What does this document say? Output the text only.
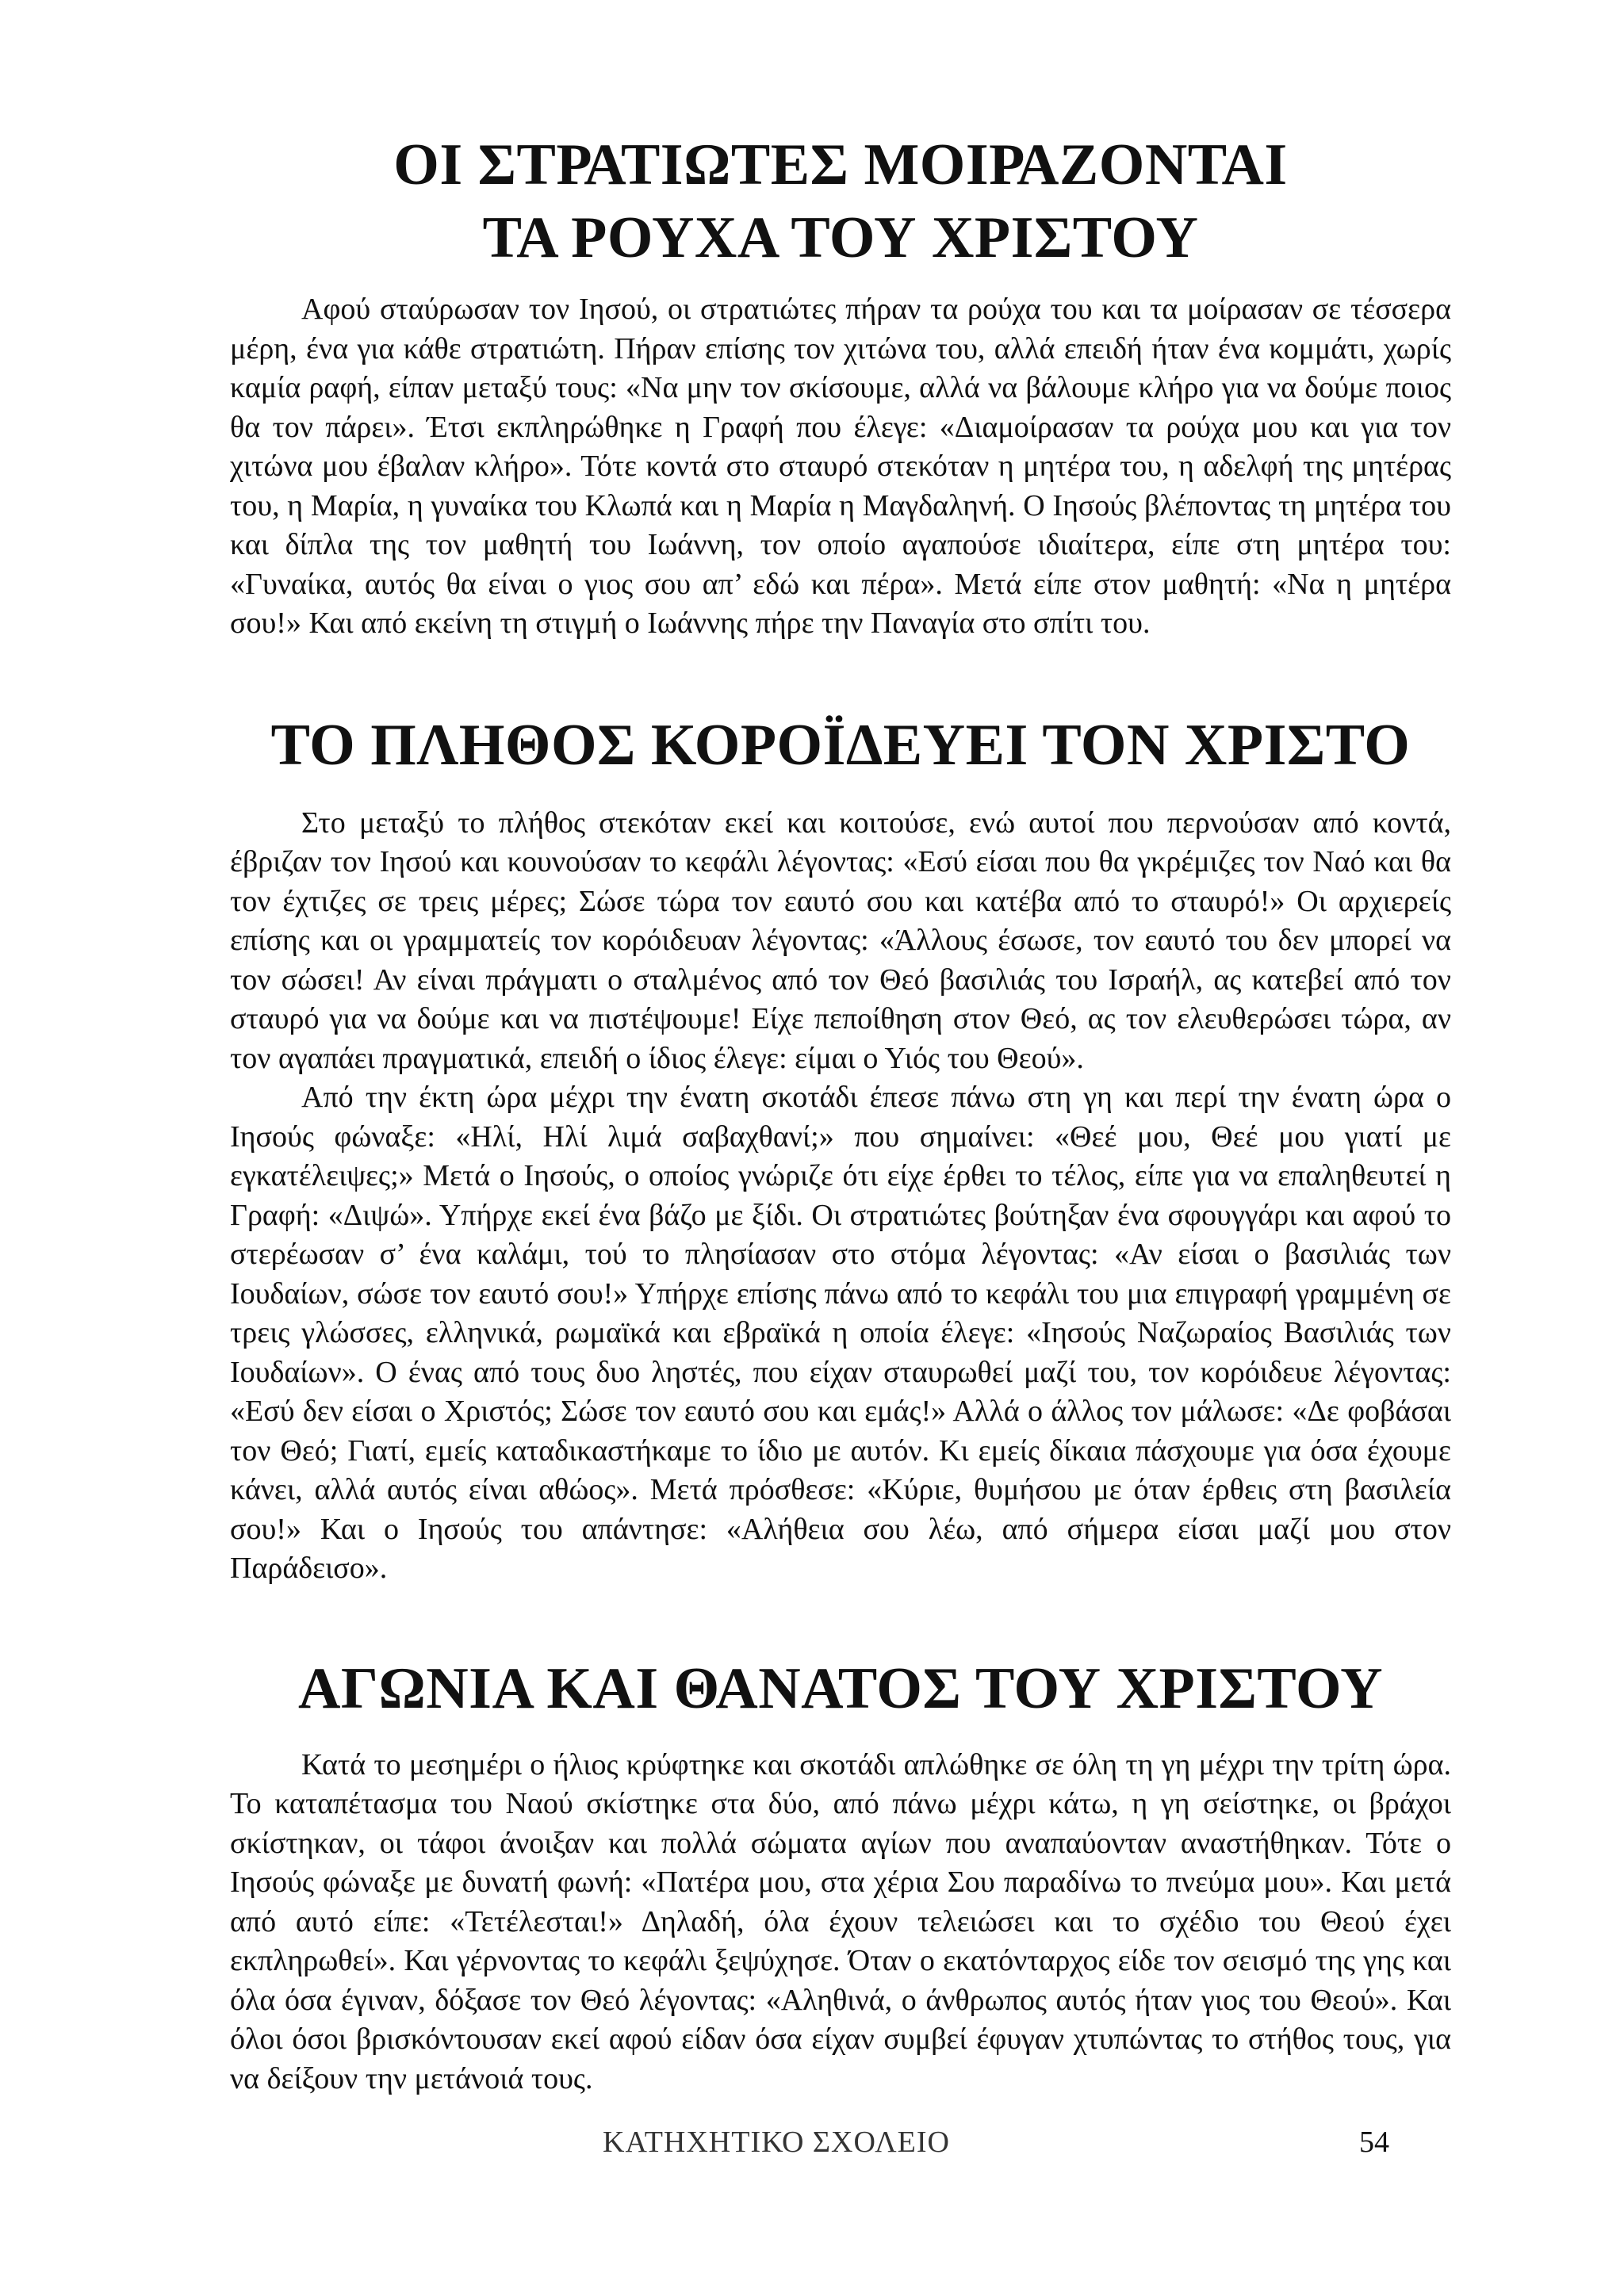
ΟΙ ΣΤΡΑΤΙΩΤΕΣ ΜΟΙΡΑΖΟΝΤΑΙ
ΤΑ ΡΟΥΧΑ ΤΟΥ ΧΡΙΣΤΟΥ

Αφού σταύρωσαν τον Ιησού, οι στρατιώτες πήραν τα ρούχα του και τα μοίρασαν σε τέσσερα μέρη, ένα για κάθε στρατιώτη. Πήραν επίσης τον χιτώνα του, αλλά επειδή ήταν ένα κομμάτι, χωρίς καμία ραφή, είπαν μεταξύ τους: «Να μην τον σκίσουμε, αλλά να βάλουμε κλήρο για να δούμε ποιος θα τον πάρει». Έτσι εκπληρώθηκε η Γραφή που έλεγε: «Διαμοίρασαν τα ρούχα μου και για τον χιτώνα μου έβαλαν κλήρο». Τότε κοντά στο σταυρό στεκόταν η μητέρα του, η αδελφή της μητέρας του, η Μαρία, η γυναίκα του Κλωπά και η Μαρία η Μαγδαληνή. Ο Ιησούς βλέποντας τη μητέρα του και δίπλα της τον μαθητή του Ιωάννη, τον οποίο αγαπούσε ιδιαίτερα, είπε στη μητέρα του: «Γυναίκα, αυτός θα είναι ο γιος σου απ’ εδώ και πέρα». Μετά είπε στον μαθητή: «Να η μητέρα σου!» Και από εκείνη τη στιγμή ο Ιωάννης πήρε την Παναγία στο σπίτι του.

ΤΟ ΠΛΗΘΟΣ ΚΟΡΟΪΔΕΥΕΙ ΤΟΝ ΧΡΙΣΤΟ

Στο μεταξύ το πλήθος στεκόταν εκεί και κοιτούσε, ενώ αυτοί που περνούσαν από κοντά, έβριζαν τον Ιησού και κουνούσαν το κεφάλι λέγοντας: «Εσύ είσαι που θα γκρέμιζες τον Ναό και θα τον έχτιζες σε τρεις μέρες; Σώσε τώρα τον εαυτό σου και κατέβα από το σταυρό!» Οι αρχιερείς επίσης και οι γραμματείς τον κορόιδευαν λέγοντας: «Άλλους έσωσε, τον εαυτό του δεν μπορεί να τον σώσει! Αν είναι πράγματι ο σταλμένος από τον Θεό βασιλιάς του Ισραήλ, ας κατεβεί από τον σταυρό για να δούμε και να πιστέψουμε! Είχε πεποίθηση στον Θεό, ας τον ελευθερώσει τώρα, αν τον αγαπάει πραγματικά, επειδή ο ίδιος έλεγε: είμαι ο Υιός του Θεού».

Από την έκτη ώρα μέχρι την ένατη σκοτάδι έπεσε πάνω στη γη και περί την ένατη ώρα ο Ιησούς φώναξε: «Ηλί, Ηλί λιμά σαβαχθανί;» που σημαίνει: «Θεέ μου, Θεέ μου γιατί με εγκατέλειψες;» Μετά ο Ιησούς, ο οποίος γνώριζε ότι είχε έρθει το τέλος, είπε για να επαληθευτεί η Γραφή: «Διψώ». Υπήρχε εκεί ένα βάζο με ξίδι. Οι στρατιώτες βούτηξαν ένα σφουγγάρι και αφού το στερέωσαν σ’ ένα καλάμι, τού το πλησίασαν στο στόμα λέγοντας: «Αν είσαι ο βασιλιάς των Ιουδαίων, σώσε τον εαυτό σου!» Υπήρχε επίσης πάνω από το κεφάλι του μια επιγραφή γραμμένη σε τρεις γλώσσες, ελληνικά, ρωμαϊκά και εβραϊκά η οποία έλεγε: «Ιησούς Ναζωραίος Βασιλιάς των Ιουδαίων». Ο ένας από τους δυο ληστές, που είχαν σταυρωθεί μαζί του, τον κορόιδευε λέγοντας: «Εσύ δεν είσαι ο Χριστός; Σώσε τον εαυτό σου και εμάς!» Αλλά ο άλλος τον μάλωσε: «Δε φοβάσαι τον Θεό; Γιατί, εμείς καταδικαστήκαμε το ίδιο με αυτόν. Κι εμείς δίκαια πάσχουμε για όσα έχουμε κάνει, αλλά αυτός είναι αθώος». Μετά πρόσθεσε: «Κύριε, θυμήσου με όταν έρθεις στη βασιλεία σου!» Και ο Ιησούς του απάντησε: «Αλήθεια σου λέω, από σήμερα είσαι μαζί μου στον Παράδεισο».

ΑΓΩΝΙΑ ΚΑΙ ΘΑΝΑΤΟΣ ΤΟΥ ΧΡΙΣΤΟΥ

Κατά το μεσημέρι ο ήλιος κρύφτηκε και σκοτάδι απλώθηκε σε όλη τη γη μέχρι την τρίτη ώρα. Το καταπέτασμα του Ναού σκίστηκε στα δύο, από πάνω μέχρι κάτω, η γη σείστηκε, οι βράχοι σκίστηκαν, οι τάφοι άνοιξαν και πολλά σώματα αγίων που αναπαύονταν αναστήθηκαν. Τότε ο Ιησούς φώναξε με δυνατή φωνή: «Πατέρα μου, στα χέρια Σου παραδίνω το πνεύμα μου». Και μετά από αυτό είπε: «Τετέλεσται!» Δηλαδή, όλα έχουν τελειώσει και το σχέδιο του Θεού έχει εκπληρωθεί». Και γέρνοντας το κεφάλι ξεψύχησε. Όταν ο εκατόνταρχος είδε τον σεισμό της γης και όλα όσα έγιναν, δόξασε τον Θεό λέγοντας: «Αληθινά, ο άνθρωπος αυτός ήταν γιος του Θεού». Και όλοι όσοι βρισκόντουσαν εκεί αφού είδαν όσα είχαν συμβεί έφυγαν χτυπώντας το στήθος τους, για να δείξουν την μετάνοιά τους.

ΚΑΤΗΧΗΤΙΚΟ ΣΧΟΛΕΙΟ	54
